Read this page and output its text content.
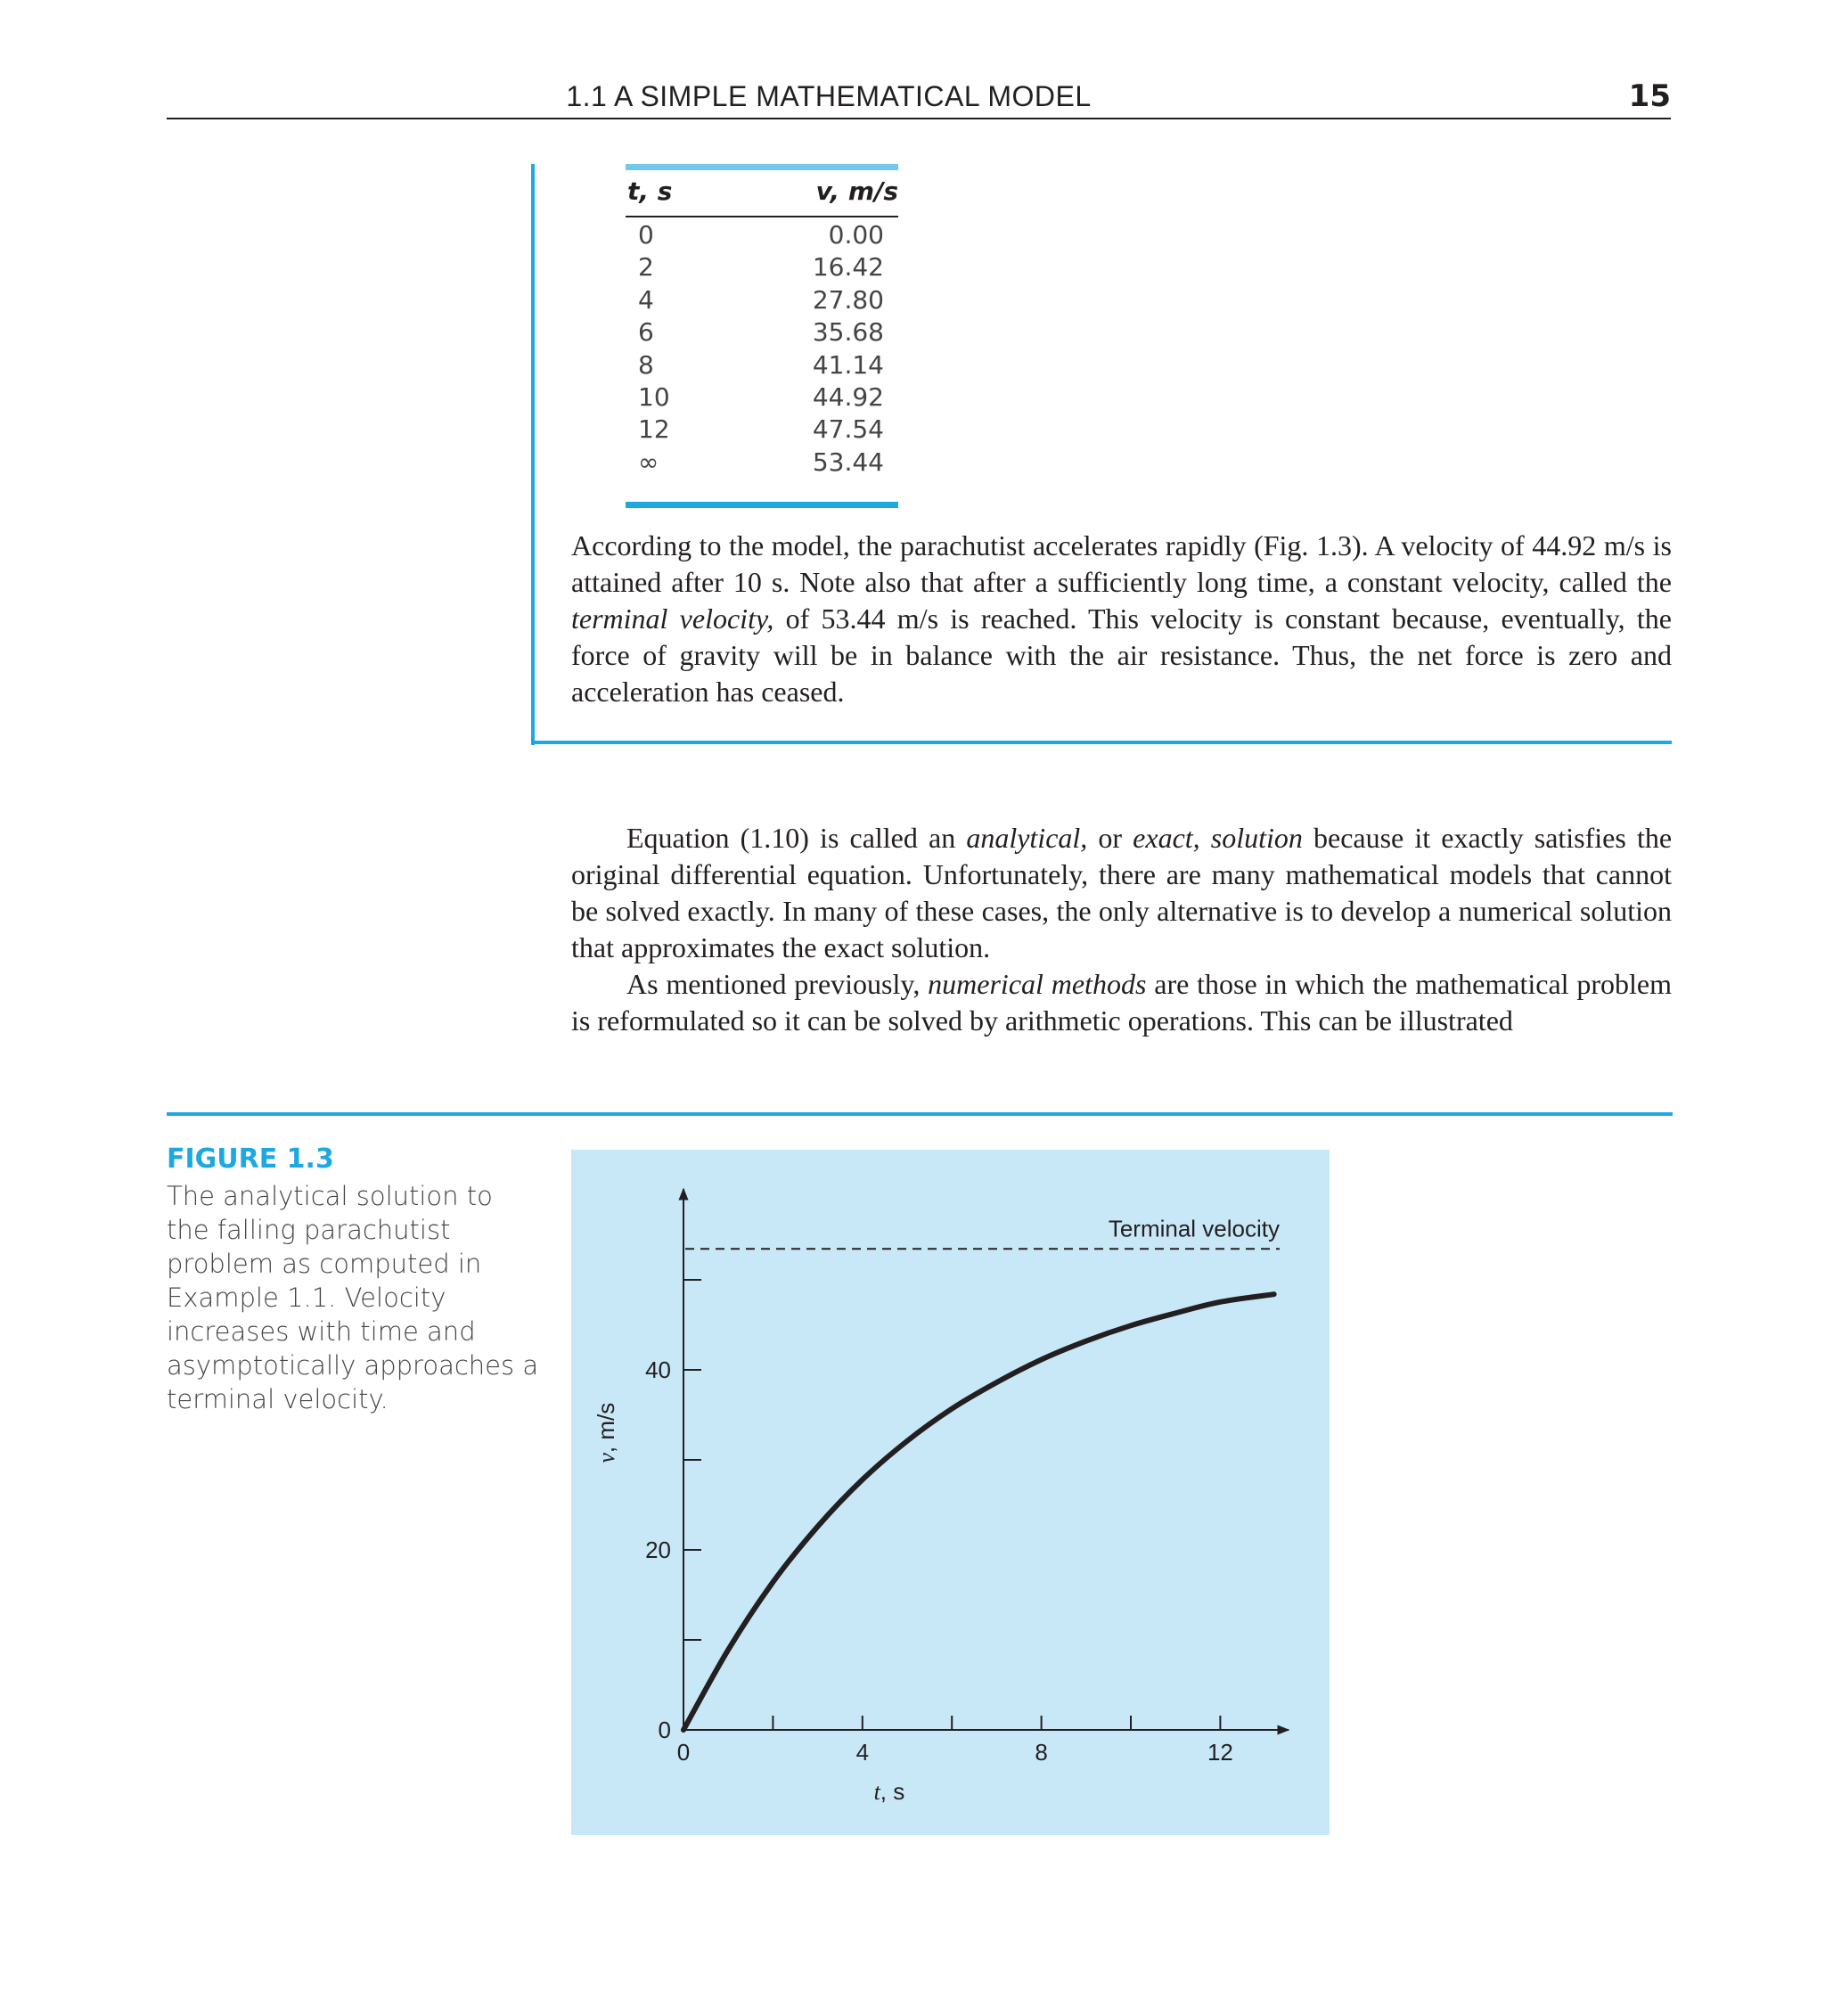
1.1 A SIMPLE MATHEMATICAL MODEL	15
t, s	v, m/s
0	0.00
2	16.42
4	27.80
6	35.68
8	41.14
10	44.92
12	47.54
∞	53.44
According to the model, the parachutist accelerates rapidly (Fig. 1.3). A velocity of 44.92 m/s is attained after 10 s. Note also that after a sufficiently long time, a constant velocity, called the terminal velocity, of 53.44 m/s is reached. This velocity is constant because, eventually, the force of gravity will be in balance with the air resistance. Thus, the net force is zero and acceleration has ceased.
Equation (1.10) is called an analytical, or exact, solution because it exactly satisfies the original differential equation. Unfortunately, there are many mathematical models that cannot be solved exactly. In many of these cases, the only alternative is to develop a numerical solution that approximates the exact solution.
As mentioned previously, numerical methods are those in which the mathematical problem is reformulated so it can be solved by arithmetic operations. This can be illustrated
FIGURE 1.3
The analytical solution to the falling parachutist problem as computed in Example 1.1. Velocity increases with time and asymptotically approaches a terminal velocity.
0	4	8	12
0
20
40
Terminal velocity
t, s
v, m/s
